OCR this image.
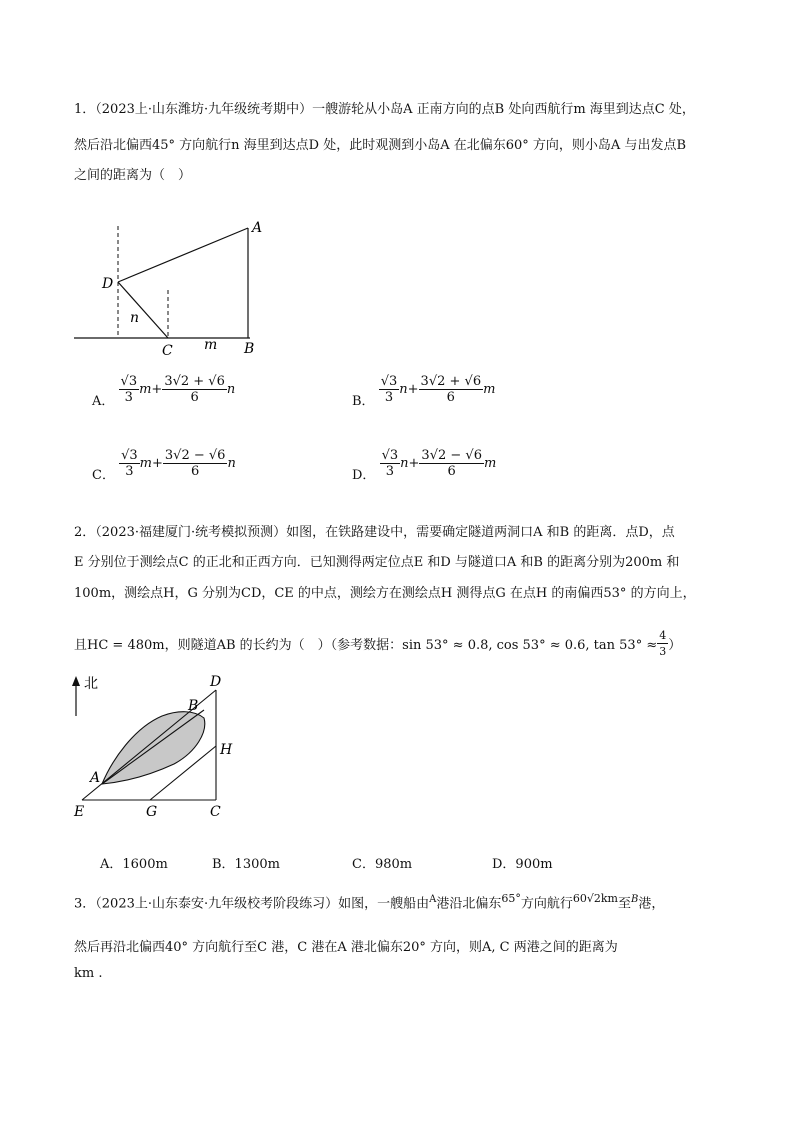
1．（2023上·山东潍坊·九年级统考期中）一艘游轮从小岛A 正南方向的点B 处向西航行m 海里到达点C 处，
然后沿北偏西45° 方向航行n 海里到达点D 处，此时观测到小岛A 在北偏东60° 方向，则小岛A 与出发点B
之间的距离为（　）
A
B
C
D
m
n
A． $\frac{√3}{3} m+ \frac{3√2 + √6}{6}$ n
B． $\frac{√3}{3} n+ \frac{3√2 + √6}{6}$ m
C． $\frac{√3}{3} m+ \frac{3√2 - √6}{6}$ n
D． $\frac{√3}{3} n+ \frac{3√2 - √6}{6}$ m
2．（2023·福建厦门·统考模拟预测）如图，在铁路建设中，需要确定隧道两洞口A 和B 的距离．点D，点
E 分别位于测绘点C 的正北和正西方向．已知测得两定位点E 和D 与隧道口A 和B 的距离分别为200m 和
100m，测绘点H，G 分别为CD，CE 的中点，测绘方在测绘点H 测得点G 在点H 的南偏西53° 的方向上，
且HC = 480m，则隧道AB 的长约为（　）（参考数据：sin 53° ≈ 0.8, cos 53° ≈ 0.6, $\tan 53^\circ \approx \frac{4}{3}$ ）
北	D
B
H
A
E	G	C
A．1600m	B．1300m	C．980m	D．900m
3．（2023上·山东泰安·九年级校考阶段练习）如图，一艘船由$^A$港沿北偏东$^{65^\circ}$方向航行$^{60√2km}$至$^B$港，
然后再沿北偏西40° 方向航行至C 港，C 港在A 港北偏东20° 方向，则A, C 两港之间的距离为
km .
